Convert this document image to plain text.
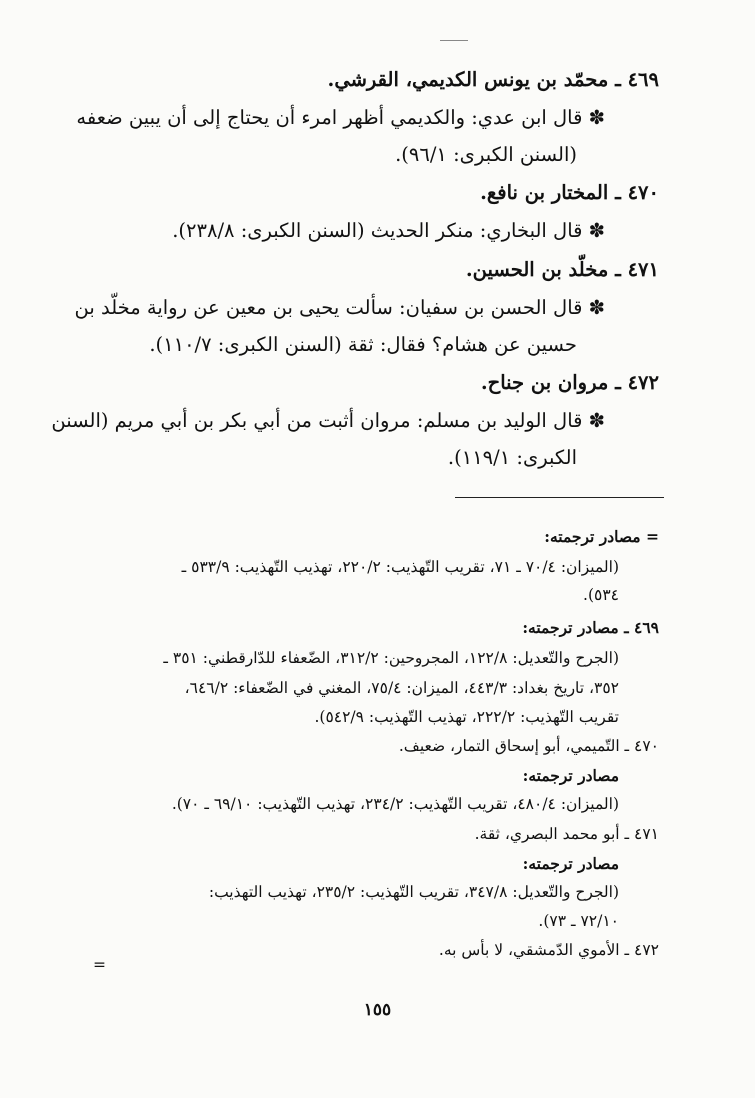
٤٦٩ ـ محمّد بن يونس الكديمي، القرشي.
✽ قال ابن عدي: والكديمي أظهر امرء أن يحتاج إلى أن يبين ضعفه
(السنن الكبرى: ٩٦/١).
٤٧٠ ـ المختار بن نافع.
✽ قال البخاري: منكر الحديث (السنن الكبرى: ٢٣٨/٨).
٤٧١ ـ مخلّد بن الحسين.
✽ قال الحسن بن سفيان: سألت يحيى بن معين عن رواية مخلّد بن
حسين عن هشام؟ فقال: ثقة (السنن الكبرى: ١١٠/٧).
٤٧٢ ـ مروان بن جناح.
✽ قال الوليد بن مسلم: مروان أثبت من أبي بكر بن أبي مريم (السنن
الكبرى: ١١٩/١).
= مصادر ترجمته:
(الميزان: ٧٠/٤ ـ ٧١، تقريب التّهذيب: ٢٢٠/٢، تهذيب التّهذيب: ٥٣٣/٩ ـ
٥٣٤).
٤٦٩ ـ مصادر ترجمته:
(الجرح والتّعديل: ١٢٢/٨، المجروحين: ٣١٢/٢، الضّعفاء للدّارقطني: ٣٥١ ـ
٣٥٢، تاريخ بغداد: ٤٤٣/٣، الميزان: ٧٥/٤، المغني في الضّعفاء: ٦٤٦/٢،
تقريب التّهذيب: ٢٢٢/٢، تهذيب التّهذيب: ٥٤٢/٩).
٤٧٠ ـ التّميمي، أبو إسحاق التمار، ضعيف.
مصادر ترجمته:
(الميزان: ٤٨٠/٤، تقريب التّهذيب: ٢٣٤/٢، تهذيب التّهذيب: ٦٩/١٠ ـ ٧٠).
٤٧١ ـ أبو محمد البصري، ثقة.
مصادر ترجمته:
(الجرح والتّعديل: ٣٤٧/٨، تقريب التّهذيب: ٢٣٥/٢، تهذيب التهذيب:
٧٢/١٠ ـ ٧٣).
٤٧٢ ـ الأموي الدّمشقي، لا بأس به.
=
١٥٥
